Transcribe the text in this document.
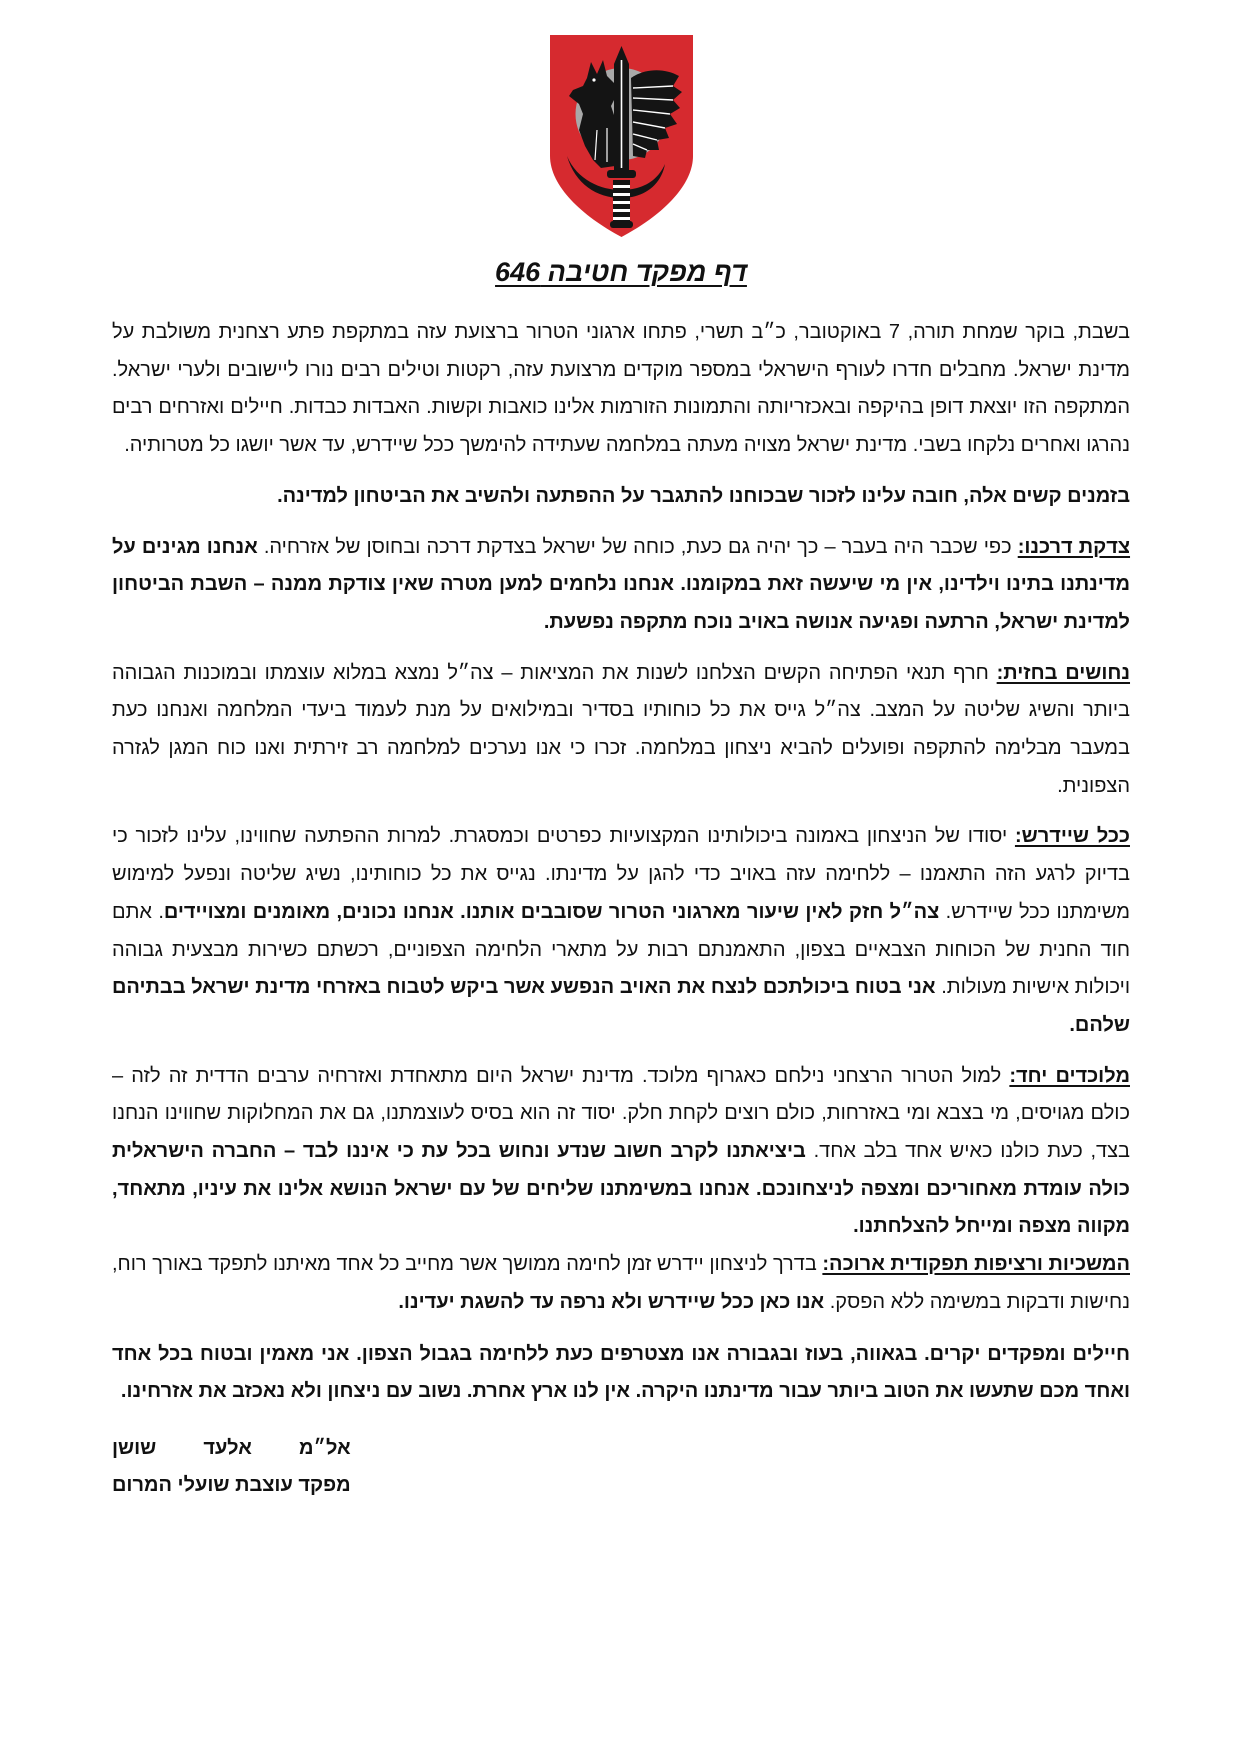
דף מפקד חטיבה 646

בשבת, בוקר שמחת תורה, 7 באוקטובר, כ״ב תשרי, פתחו ארגוני הטרור ברצועת עזה במתקפת פתע רצחנית משולבת על מדינת ישראל. מחבלים חדרו לעורף הישראלי במספר מוקדים מרצועת עזה, רקטות וטילים רבים נורו ליישובים ולערי ישראל. המתקפה הזו יוצאת דופן בהיקפה ובאכזריותה והתמונות הזורמות אלינו כואבות וקשות. האבדות כבדות. חיילים ואזרחים רבים נהרגו ואחרים נלקחו בשבי. מדינת ישראל מצויה מעתה במלחמה שעתידה להימשך ככל שיידרש, עד אשר יושגו כל מטרותיה.

בזמנים קשים אלה, חובה עלינו לזכור שבכוחנו להתגבר על ההפתעה ולהשיב את הביטחון למדינה.

צדקת דרכנו: כפי שכבר היה בעבר – כך יהיה גם כעת, כוחה של ישראל בצדקת דרכה ובחוסן של אזרחיה. אנחנו מגינים על מדינתנו בתינו וילדינו, אין מי שיעשה זאת במקומנו. אנחנו נלחמים למען מטרה שאין צודקת ממנה – השבת הביטחון למדינת ישראל, הרתעה ופגיעה אנושה באויב נוכח מתקפה נפשעת.

נחושים בחזית: חרף תנאי הפתיחה הקשים הצלחנו לשנות את המציאות – צה״ל נמצא במלוא עוצמתו ובמוכנות הגבוהה ביותר והשיג שליטה על המצב. צה״ל גייס את כל כוחותיו בסדיר ובמילואים על מנת לעמוד ביעדי המלחמה ואנחנו כעת במעבר מבלימה להתקפה ופועלים להביא ניצחון במלחמה. זכרו כי אנו נערכים למלחמה רב זירתית ואנו כוח המגן לגזרה הצפונית.

ככל שיידרש: יסודו של הניצחון באמונה ביכולותינו המקצועיות כפרטים וכמסגרת. למרות ההפתעה שחווינו, עלינו לזכור כי בדיוק לרגע הזה התאמנו – ללחימה עזה באויב כדי להגן על מדינתו. נגייס את כל כוחותינו, נשיג שליטה ונפעל למימוש משימתנו ככל שיידרש. צה״ל חזק לאין שיעור מארגוני הטרור שסובבים אותנו. אנחנו נכונים, מאומנים ומצויידים. אתם חוד החנית של הכוחות הצבאיים בצפון, התאמנתם רבות על מתארי הלחימה הצפוניים, רכשתם כשירות מבצעית גבוהה ויכולות אישיות מעולות. אני בטוח ביכולתכם לנצח את האויב הנפשע אשר ביקש לטבוח באזרחי מדינת ישראל בבתיהם שלהם.

מלוכדים יחד: למול הטרור הרצחני נילחם כאגרוף מלוכד. מדינת ישראל היום מתאחדת ואזרחיה ערבים הדדית זה לזה – כולם מגויסים, מי בצבא ומי באזרחות, כולם רוצים לקחת חלק. יסוד זה הוא בסיס לעוצמתנו, גם את המחלוקות שחווינו הנחנו בצד, כעת כולנו כאיש אחד בלב אחד. ביציאתנו לקרב חשוב שנדע ונחוש בכל עת כי איננו לבד – החברה הישראלית כולה עומדת מאחוריכם ומצפה לניצחונכם. אנחנו במשימתנו שליחים של עם ישראל הנושא אלינו את עיניו, מתאחד, מקווה מצפה ומייחל להצלחתנו.

המשכיות ורציפות תפקודית ארוכה: בדרך לניצחון יידרש זמן לחימה ממושך אשר מחייב כל אחד מאיתנו לתפקד באורך רוח, נחישות ודבקות במשימה ללא הפסק. אנו כאן ככל שיידרש ולא נרפה עד להשגת יעדינו.

חיילים ומפקדים יקרים. בגאווה, בעוז ובגבורה אנו מצטרפים כעת ללחימה בגבול הצפון. אני מאמין ובטוח בכל אחד ואחד מכם שתעשו את הטוב ביותר עבור מדינתנו היקרה. אין לנו ארץ אחרת. נשוב עם ניצחון ולא נאכזב את אזרחינו.

אל״מ
אלעד
שושן
מפקד עוצבת שועלי המרום
